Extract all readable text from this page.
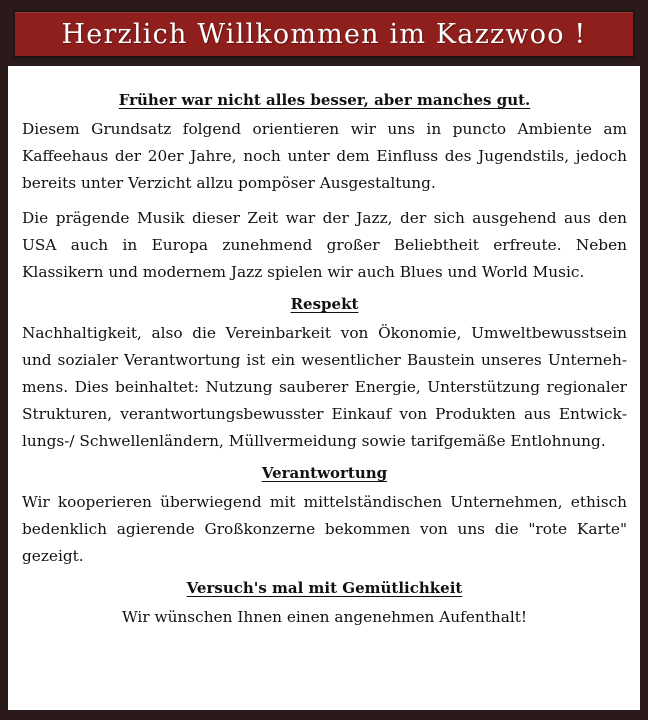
Herzlich Willkommen im Kazzwoo !
Früher war nicht alles besser, aber manches gut.

Diesem Grundsatz folgend orientieren wir uns in puncto Ambiente am Kaffeehaus der 20er Jahre, noch unter dem Einfluss des Jugendstils, jedoch bereits unter Verzicht allzu pompöser Ausgestaltung.

Die prägende Musik dieser Zeit war der Jazz, der sich ausgehend aus den USA auch in Europa zunehmend großer Beliebtheit erfreute. Neben Klassikern und modernem Jazz spielen wir auch Blues und World Music.

Respekt

Nachhaltigkeit, also die Vereinbarkeit von Ökonomie, Umweltbewusstsein und sozialer Verantwortung ist ein wesentlicher Baustein unseres Unternehmens. Dies beinhaltet: Nutzung sauberer Energie, Unterstützung regionaler Strukturen, verantwortungsbewusster Einkauf von Produkten aus Entwicklungs-/ Schwellenländern, Müllvermeidung sowie tarifgemäße Entlohnung.

Verantwortung

Wir kooperieren überwiegend mit mittelständischen Unternehmen, ethisch bedenklich agierende Großkonzerne bekommen von uns die "rote Karte" gezeigt.

Versuch's mal mit Gemütlichkeit

Wir wünschen Ihnen einen angenehmen Aufenthalt!
